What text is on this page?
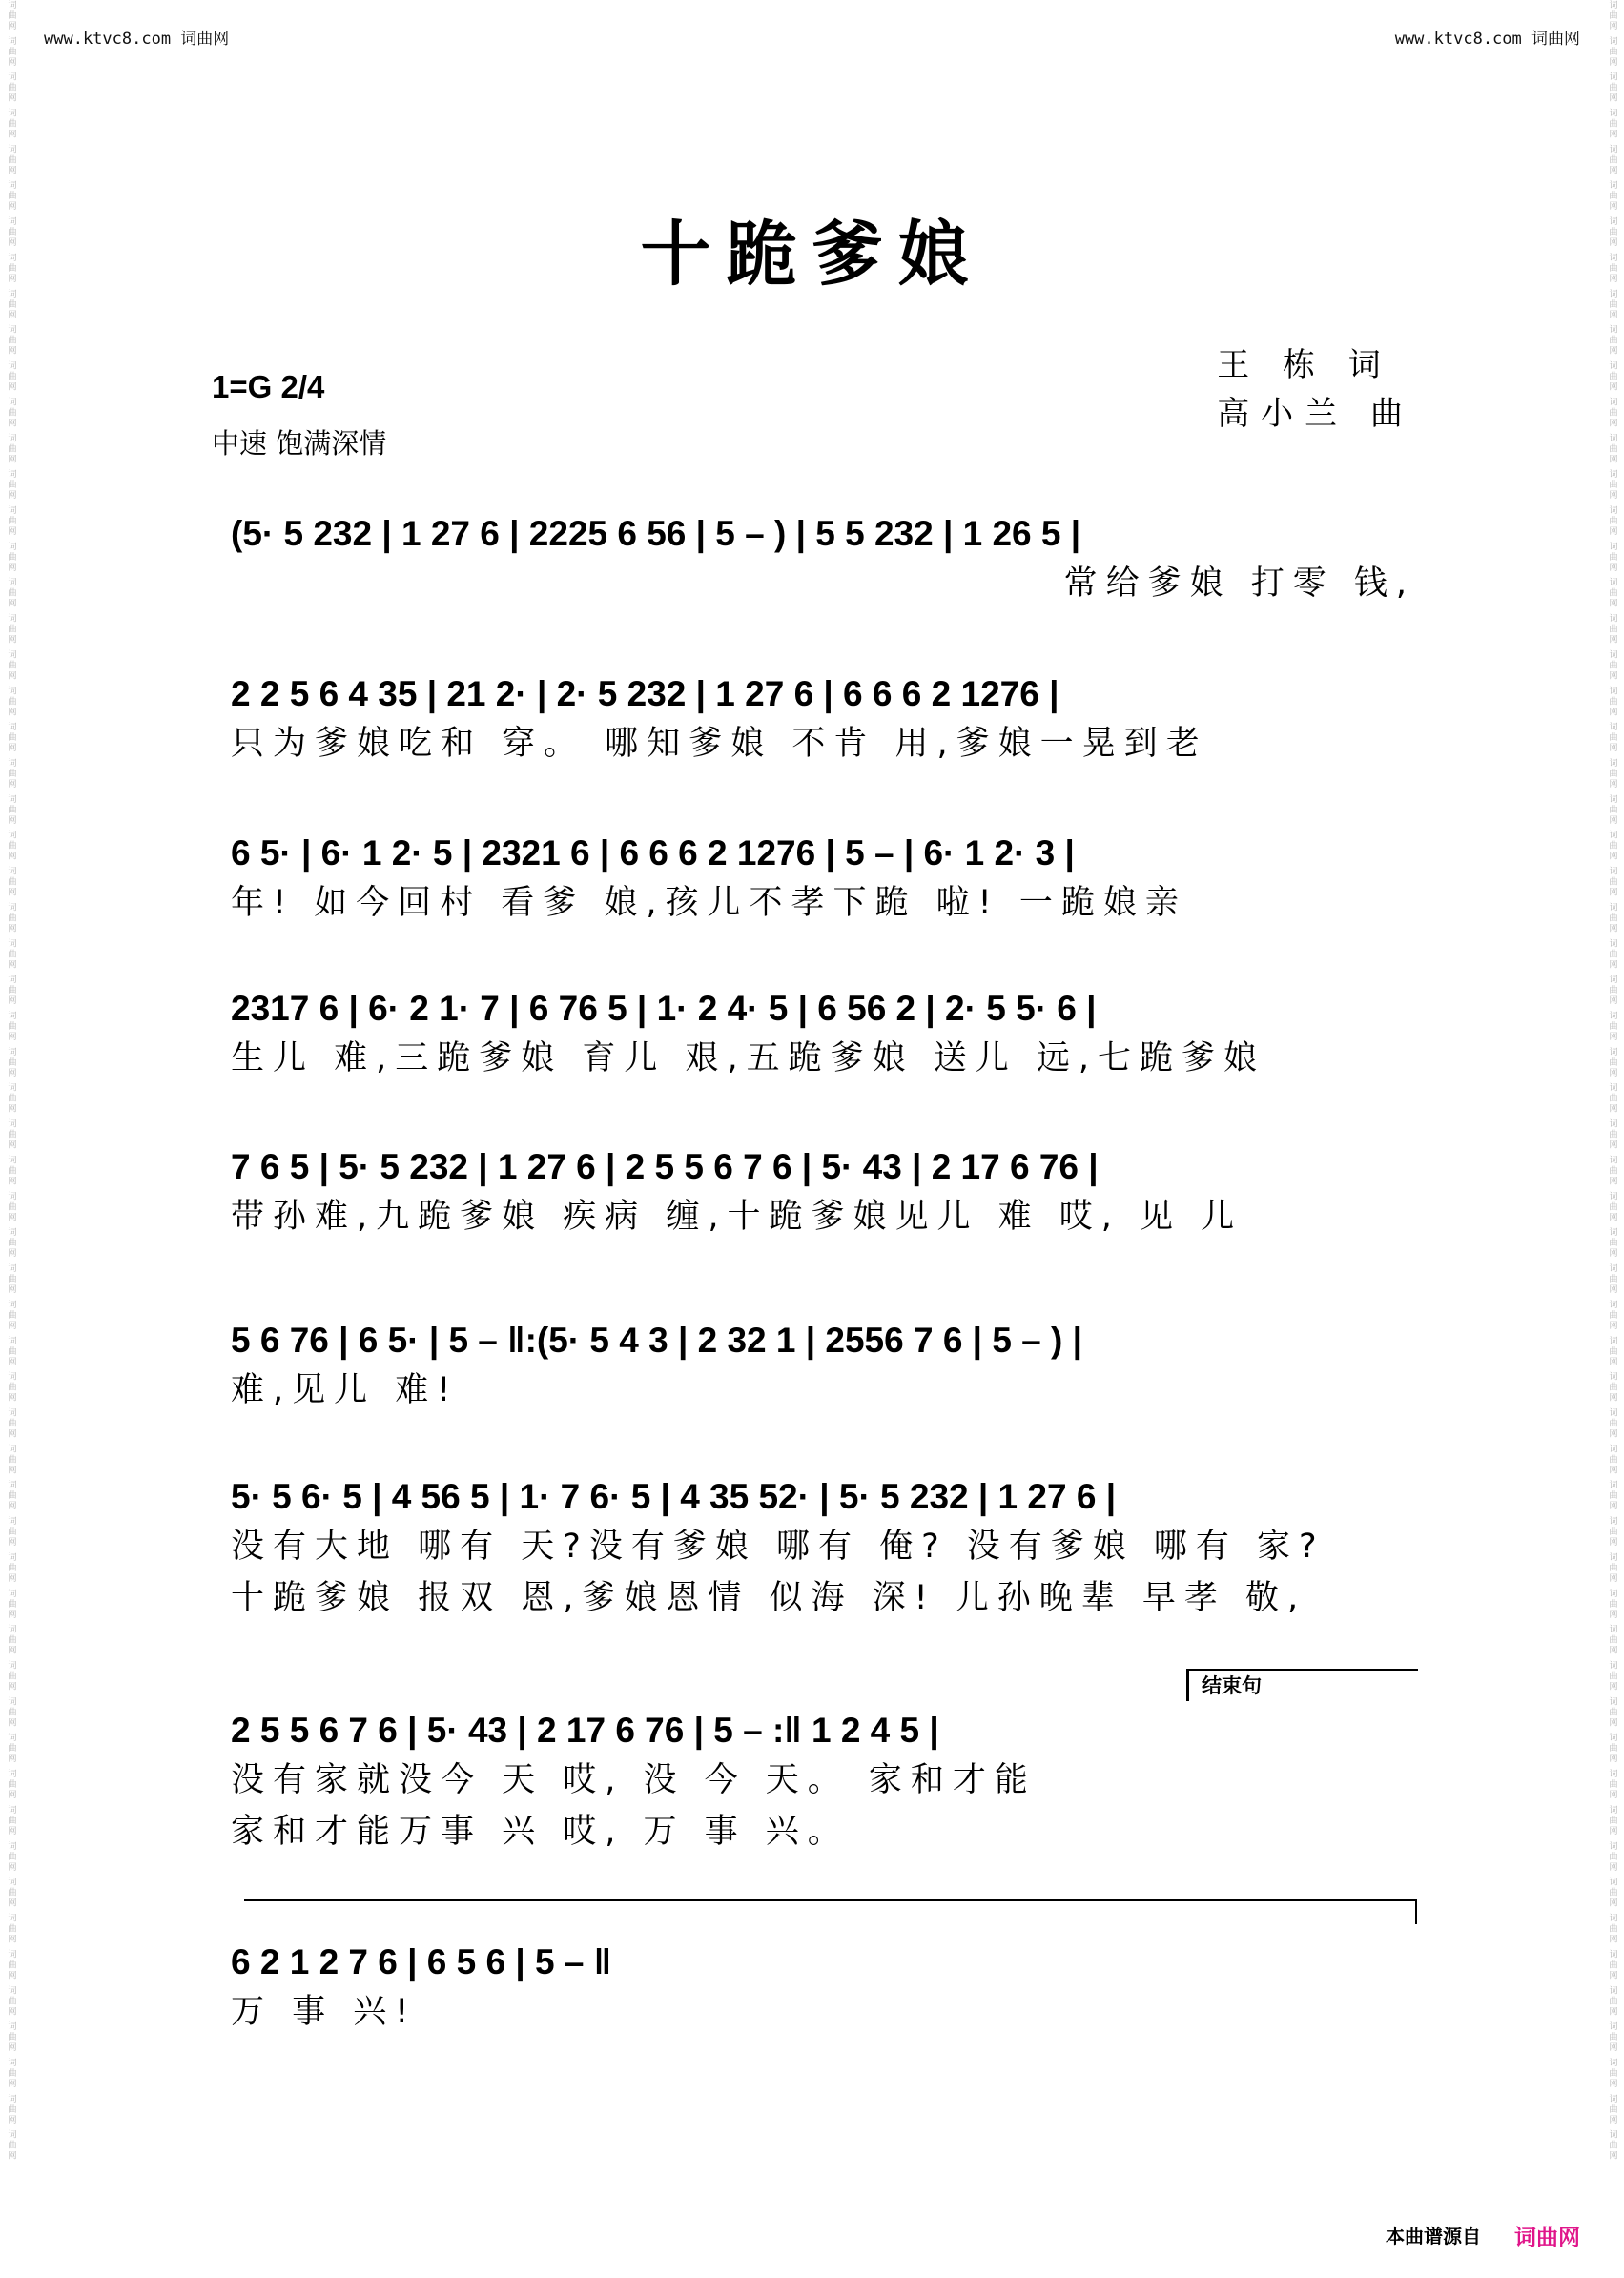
www.ktvc8.com 词曲网	www.ktvc8.com 词曲网
词曲网 词曲网 词曲网 词曲网 词曲网 词曲网 词曲网 词曲网 词曲网 词曲网 词曲网 词曲网 词曲网 词曲网 词曲网 词曲网 词曲网 词曲网 词曲网 词曲网 词曲网 词曲网 词曲网 词曲网 词曲网 词曲网 词曲网 词曲网 词曲网 词曲网 词曲网 词曲网 词曲网 词曲网 词曲网 词曲网 词曲网 词曲网 词曲网 词曲网 词曲网 词曲网 词曲网 词曲网 词曲网 词曲网 词曲网 词曲网 词曲网 词曲网 词曲网 词曲网 词曲网 词曲网 词曲网 词曲网 词曲网 词曲网 词曲网 词曲网	词曲网 词曲网 词曲网 词曲网 词曲网 词曲网 词曲网 词曲网 词曲网 词曲网 词曲网 词曲网 词曲网 词曲网 词曲网 词曲网 词曲网 词曲网 词曲网 词曲网 词曲网 词曲网 词曲网 词曲网 词曲网 词曲网 词曲网 词曲网 词曲网 词曲网 词曲网 词曲网 词曲网 词曲网 词曲网 词曲网 词曲网 词曲网 词曲网 词曲网 词曲网 词曲网 词曲网 词曲网 词曲网 词曲网 词曲网 词曲网 词曲网 词曲网 词曲网 词曲网 词曲网 词曲网 词曲网 词曲网 词曲网 词曲网 词曲网 词曲网
十跪爹娘
1=G 2/4
中速 饱满深情
王 栋 词
高小兰 曲
(5· 5 232 | 1 27 6 | 2225 6 56 | 5 – ) | 5 5 232 | 1 26 5 |
常给爹娘 打零 钱,
2 2 5 6 4 35 | 21 2· | 2· 5 232 | 1 27 6 | 6 6 6 2 1276 |
只为爹娘吃和 穿。 哪知爹娘 不肯 用,爹娘一晃到老
6 5· | 6· 1 2· 5 | 2321 6 | 6 6 6 2 1276 | 5 – | 6· 1 2· 3 |
年! 如今回村 看爹 娘,孩儿不孝下跪 啦! 一跪娘亲
2317 6 | 6· 2 1· 7 | 6 76 5 | 1· 2 4· 5 | 6 56 2 | 2· 5 5· 6 |
生儿 难,三跪爹娘 育儿 艰,五跪爹娘 送儿 远,七跪爹娘
7 6 5 | 5· 5 232 | 1 27 6 | 2 5 5 6 7 6 | 5· 43 | 2 17 6 76 |
带孙难,九跪爹娘 疾病 缠,十跪爹娘见儿 难 哎, 见 儿
5 6 76 | 6 5· | 5 – ‖:(5· 5 4 3 | 2 32 1 | 2556 7 6 | 5 – ) |
难,见儿 难!
5· 5 6· 5 | 4 56 5 | 1· 7 6· 5 | 4 35 52· | 5· 5 232 | 1 27 6 |
没有大地 哪有 天?没有爹娘 哪有 俺? 没有爹娘 哪有 家?
十跪爹娘 报双 恩,爹娘恩情 似海 深! 儿孙晚辈 早孝 敬,
结束句
2 5 5 6 7 6 | 5· 43 | 2 17 6 76 | 5 – :‖ 1 2 4 5 |
没有家就没今 天 哎, 没 今 天。 家和才能
家和才能万事 兴 哎, 万 事 兴。
6 2 1 2 7 6 | 6 5 6 | 5 – ‖
万 事 兴!
本曲谱源自 词曲网
